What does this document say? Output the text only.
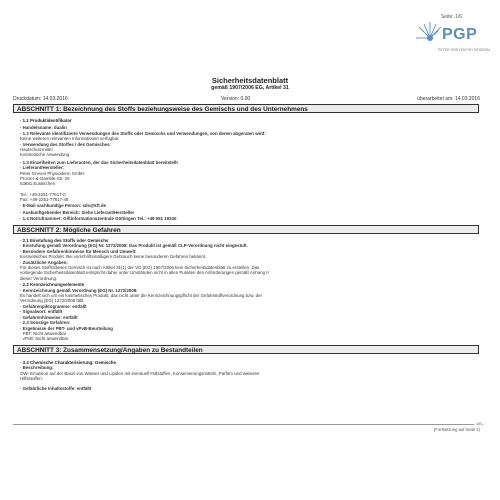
Seite: 1/6
PGP
PETER GREVEN PHYSIODERM
Sicherheitsdatenblatt
gemäß 1907/2006 EG, Artikel 31
Druckdatum: 14.03.2016	Version: 0.00	überarbeitet am: 14.03.2016
ABSCHNITT 1: Bezeichnung des Stoffs beziehungsweise des Gemischs und des Unternehmens
· 1.1 Produktidentifikator
· Handelsname: dualin
· 1.2 Relevante identifizierte Verwendungen des Stoffs oder Gemischs und Verwendungen, von denen abgeraten wird:
Keine weiteren relevanten Informationen verfügbar.
· Verwendung des Stoffes / des Gemisches:
Hautschutzmittel
Kosmetische Anwendung
· 1.3 Einzelheiten zum Lieferanten, der das Sicherheitsdatenblatt bereitstellt
· Lieferant/Hersteller:
Peter Greven Physioderm GmbH
Procter-&-Gamble-Str. 26
53881 Euskirchen
Tel.: +49-2251-77617-0
Fax: +49-2251-77617-48
· E-Mail sachkundige Person: sds@kft.de
· Auskunftgebender Bereich: Siehe Lieferant/Hersteller
· 1.4 Notrufnummer: Giftinformationszentrale Göttingen Tel.: +49 551 19240
ABSCHNITT 2: Mögliche Gefahren
· 2.1 Einstufung des Stoffs oder Gemischs
· Einstufung gemäß Verordnung (EG) Nr. 1272/2008: Das Produkt ist gemäß CLP-Verordnung nicht eingestuft.
· Besondere Gefahrenhinweise für Mensch und Umwelt:
Kosmetisches Produkt. Bei vorschriftsmäßigem Gebrauch keine besonderen Gefahren bekannt.
· Zusätzliche Angaben:
Für dieses Stoffs/dieses Gemisch ist nach Artikel 31(1) der VO (EG) 1907/2006 kein Sicherheitsdatenblatt zu erstellen. Das
vorliegende Sicherheitsdatenblatt entspricht daher unter Umständen nicht in allen Punkten den Anforderungen gemäß Anhang II
dieser Verordnung.
· 2.2 Kennzeichnungselemente
· Kennzeichnung gemäß Verordnung (EG) Nr. 1272/2008:
Es handelt sich um ein kosmetisches Produkt, das nicht unter die Kennzeichnungspflicht der Gefahrstoffverordnung bzw. der
Verordnung (EG) 1272/2008 fällt.
· Gefahrenpiktogramme: entfällt
· Signalwort: entfällt
· Gefahrenhinweise: entfällt
· 2.3 Sonstige Gefahren:
· Ergebnisse der PBT- und vPvB-Beurteilung
· PBT: Nicht anwendbar
· vPvB: Nicht anwendbar
ABSCHNITT 3: Zusammensetzung/Angaben zu Bestandteilen
· 3.2 Chemische Charakterisierung: Gemische
· Beschreibung:
OW- Emulsion auf der Basis von Wasser und Lipiden mit eventuell Füllstoffen, Konservierungsmitteln, Parfüm und weiteren
Hilfsstoffen.
· Gefährliche Inhaltsstoffe: entfällt
DE
(Fortsetzung auf Seite 2)
